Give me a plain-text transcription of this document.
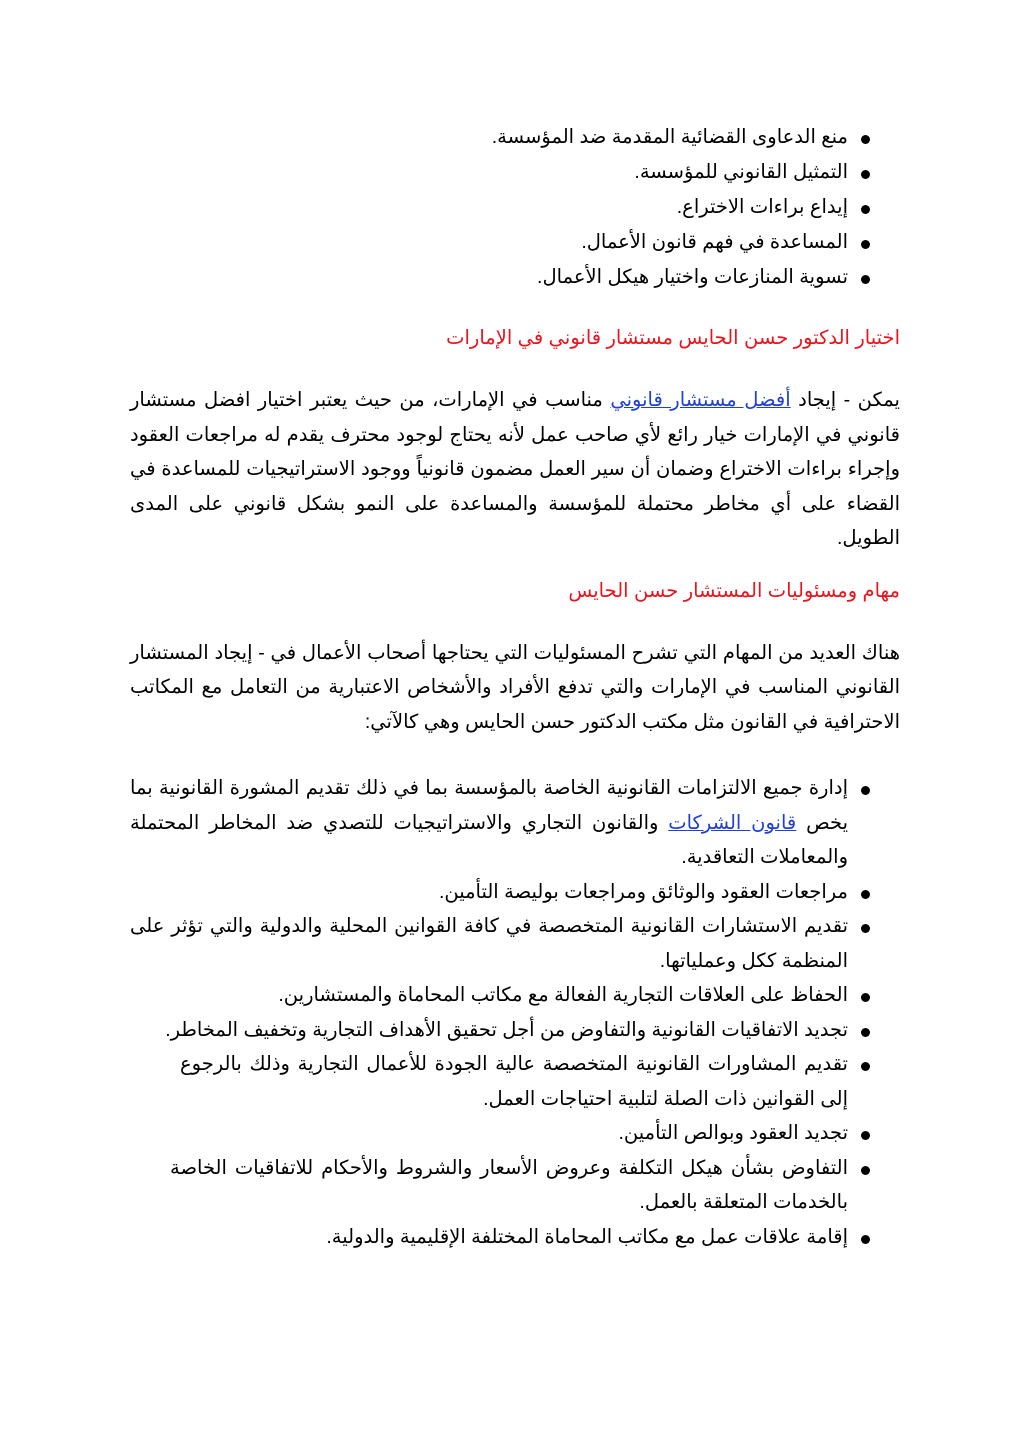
منع الدعاوى القضائية المقدمة ضد المؤسسة.
التمثيل القانوني للمؤسسة.
إيداع براءات الاختراع.
المساعدة في فهم قانون الأعمال.
تسوية المنازعات واختيار هيكل الأعمال.
اختيار الدكتور حسن الحايس مستشار قانوني في الإمارات

يمكن - إيجاد أفضل مستشار قانوني مناسب في الإمارات، من حيث يعتبر اختيار افضل مستشار قانوني في الإمارات خيار رائع لأي صاحب عمل لأنه يحتاج لوجود محترف يقدم له مراجعات العقود وإجراء براءات الاختراع وضمان أن سير العمل مضمون قانونياً ووجود الاستراتيجيات للمساعدة في القضاء على أي مخاطر محتملة للمؤسسة والمساعدة على النمو بشكل قانوني على المدى الطويل.

مهام ومسئوليات المستشار حسن الحايس

هناك العديد من المهام التي تشرح المسئوليات التي يحتاجها أصحاب الأعمال في - إيجاد المستشار القانوني المناسب في الإمارات والتي تدفع الأفراد والأشخاص الاعتبارية من التعامل مع المكاتب الاحترافية في القانون مثل مكتب الدكتور حسن الحايس وهي كالآتي:

إدارة جميع الالتزامات القانونية الخاصة بالمؤسسة بما في ذلك تقديم المشورة القانونية بما يخص قانون الشركات والقانون التجاري والاستراتيجيات للتصدي ضد المخاطر المحتملة والمعاملات التعاقدية.
مراجعات العقود والوثائق ومراجعات بوليصة التأمين.
تقديم الاستشارات القانونية المتخصصة في كافة القوانين المحلية والدولية والتي تؤثر على المنظمة ككل وعملياتها.
الحفاظ على العلاقات التجارية الفعالة مع مكاتب المحاماة والمستشارين.
تجديد الاتفاقيات القانونية والتفاوض من أجل تحقيق الأهداف التجارية وتخفيف المخاطر.
تقديم المشاورات القانونية المتخصصة عالية الجودة للأعمال التجارية وذلك بالرجوع إلى القوانين ذات الصلة لتلبية احتياجات العمل.
تجديد العقود وبوالص التأمين.
التفاوض بشأن هيكل التكلفة وعروض الأسعار والشروط والأحكام للاتفاقيات الخاصة بالخدمات المتعلقة بالعمل.
إقامة علاقات عمل مع مكاتب المحاماة المختلفة الإقليمية والدولية.
